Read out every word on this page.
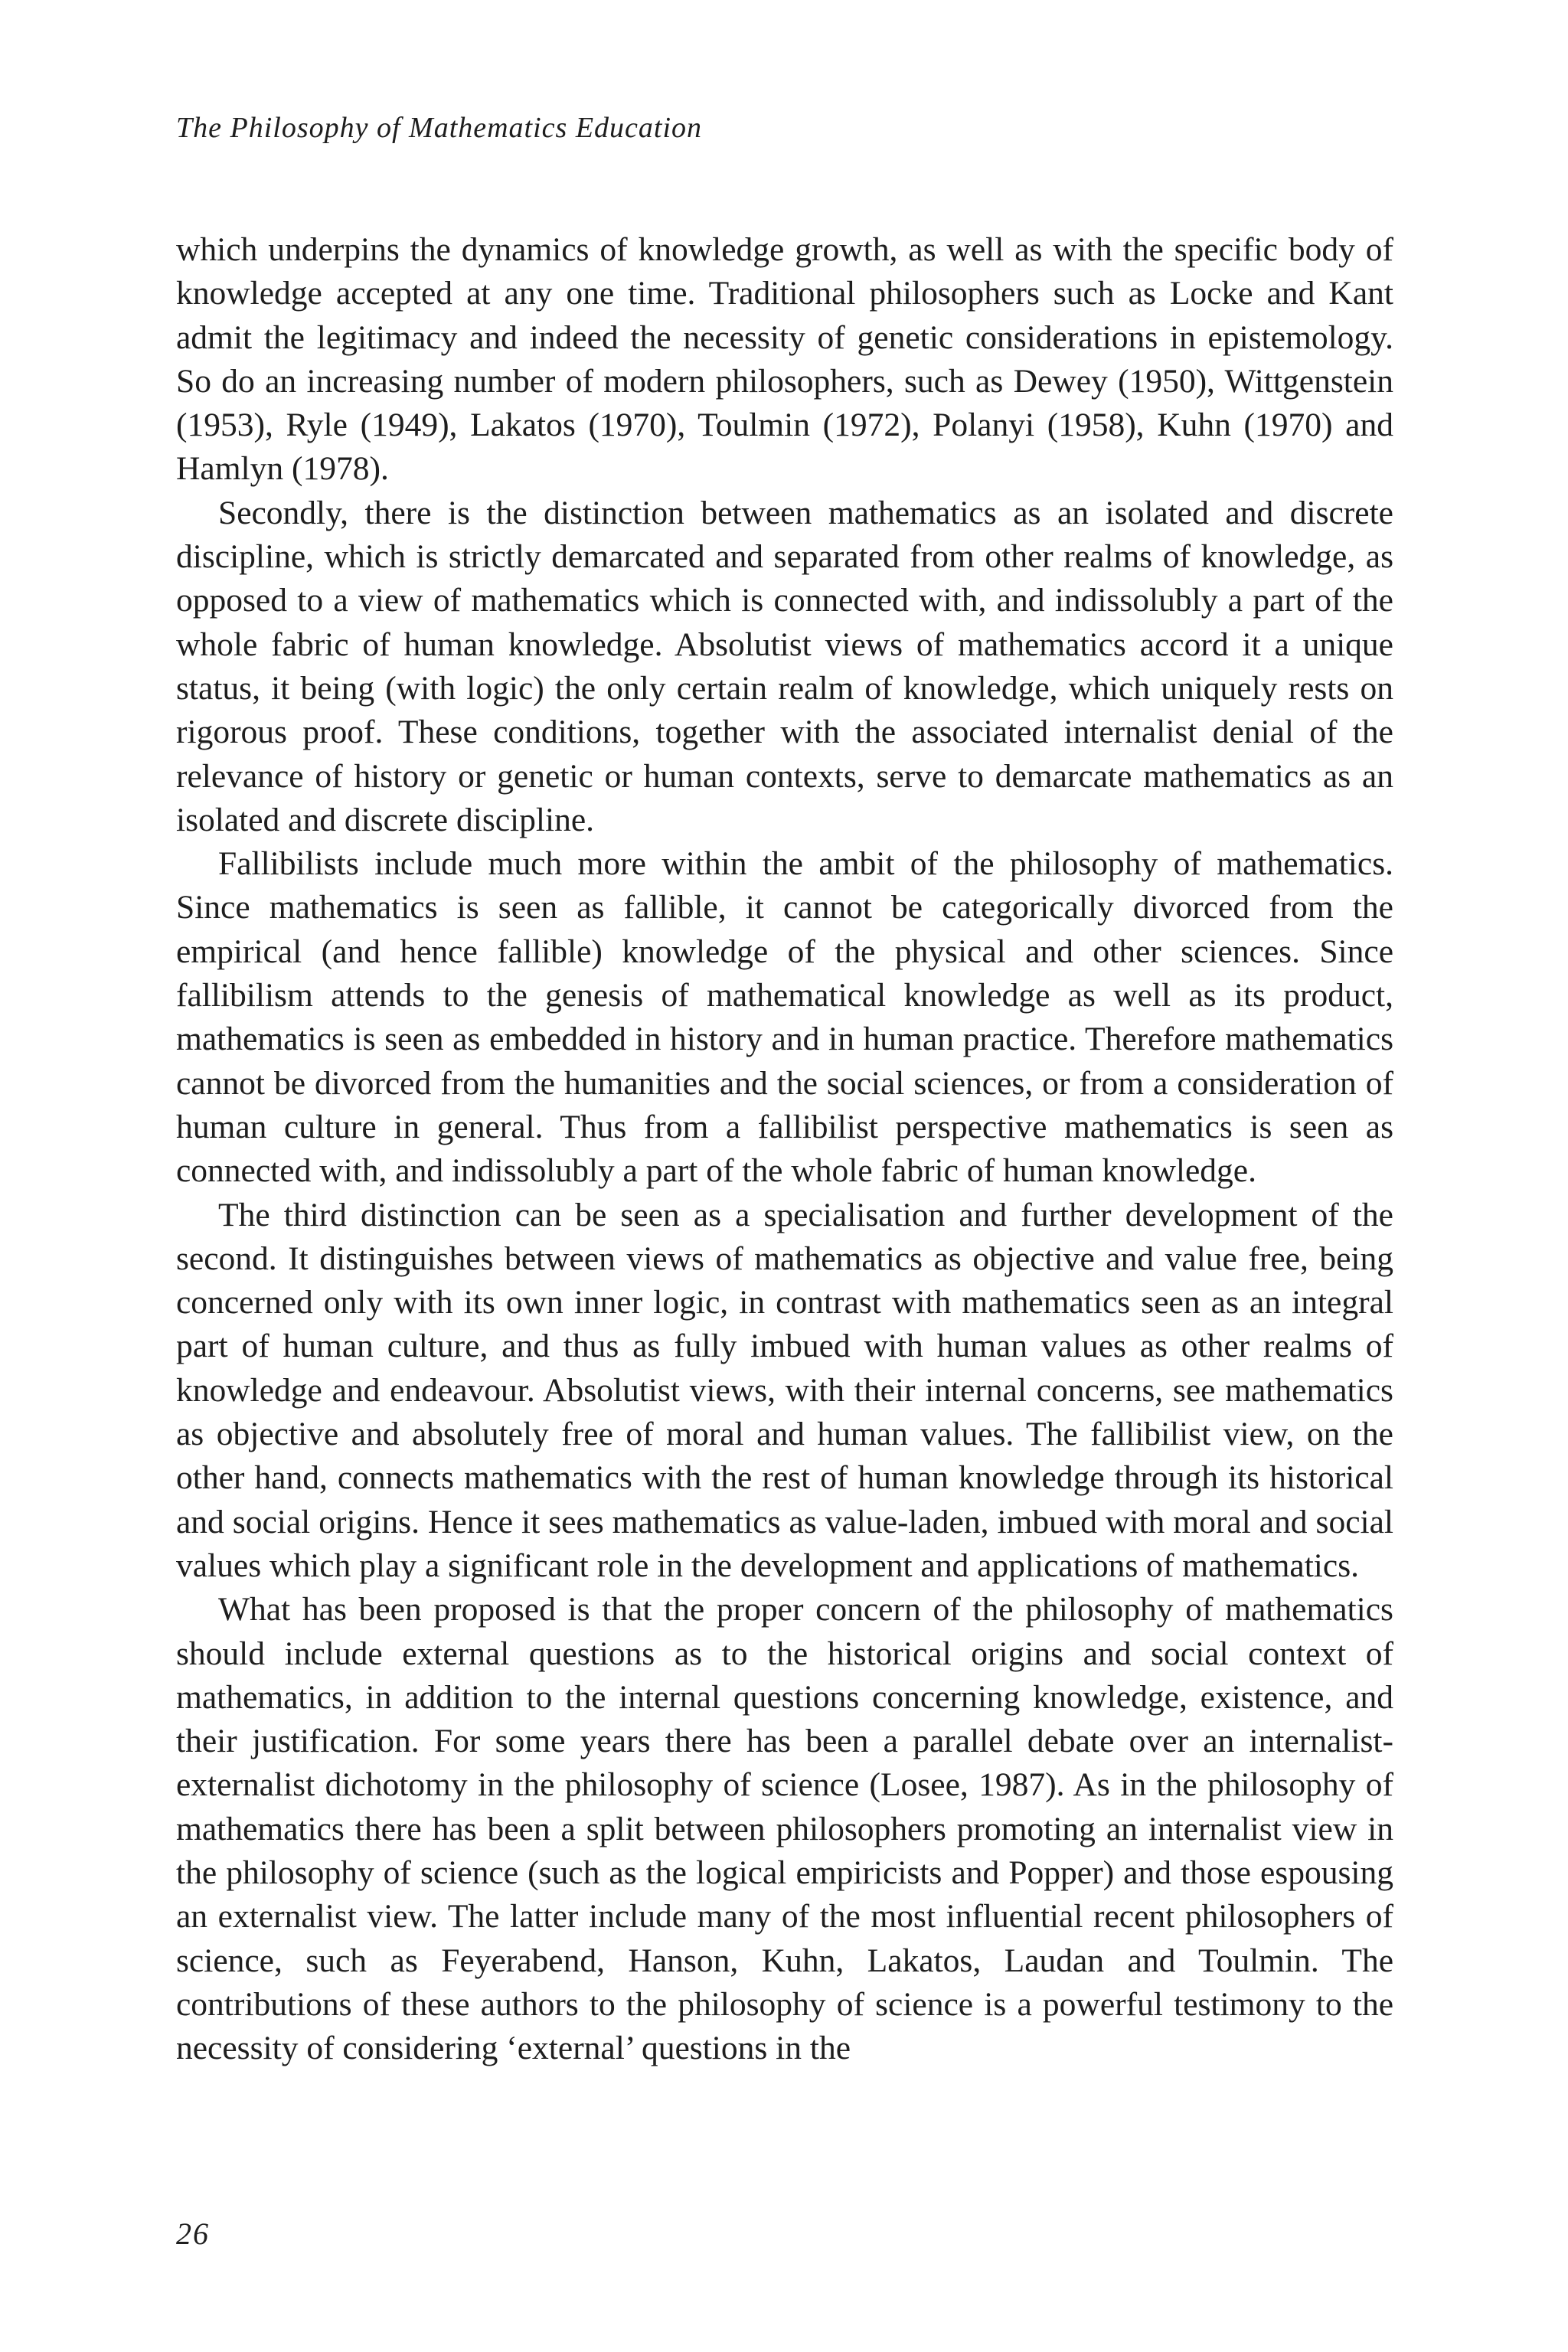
The Philosophy of Mathematics Education

which underpins the dynamics of knowledge growth, as well as with the specific body of knowledge accepted at any one time. Traditional philosophers such as Locke and Kant admit the legitimacy and indeed the necessity of genetic considerations in epistemology. So do an increasing number of modern philosophers, such as Dewey (1950), Wittgenstein (1953), Ryle (1949), Lakatos (1970), Toulmin (1972), Polanyi (1958), Kuhn (1970) and Hamlyn (1978).

Secondly, there is the distinction between mathematics as an isolated and discrete discipline, which is strictly demarcated and separated from other realms of knowledge, as opposed to a view of mathematics which is connected with, and indissolubly a part of the whole fabric of human knowledge. Absolutist views of mathematics accord it a unique status, it being (with logic) the only certain realm of knowledge, which uniquely rests on rigorous proof. These conditions, together with the associated internalist denial of the relevance of history or genetic or human contexts, serve to demarcate mathematics as an isolated and discrete discipline.

Fallibilists include much more within the ambit of the philosophy of mathematics. Since mathematics is seen as fallible, it cannot be categorically divorced from the empirical (and hence fallible) knowledge of the physical and other sciences. Since fallibilism attends to the genesis of mathematical knowledge as well as its product, mathematics is seen as embedded in history and in human practice. Therefore mathematics cannot be divorced from the humanities and the social sciences, or from a consideration of human culture in general. Thus from a fallibilist perspective mathematics is seen as connected with, and indissolubly a part of the whole fabric of human knowledge.

The third distinction can be seen as a specialisation and further development of the second. It distinguishes between views of mathematics as objective and value free, being concerned only with its own inner logic, in contrast with mathematics seen as an integral part of human culture, and thus as fully imbued with human values as other realms of knowledge and endeavour. Absolutist views, with their internal concerns, see mathematics as objective and absolutely free of moral and human values. The fallibilist view, on the other hand, connects mathematics with the rest of human knowledge through its historical and social origins. Hence it sees mathematics as value-laden, imbued with moral and social values which play a significant role in the development and applications of mathematics.

What has been proposed is that the proper concern of the philosophy of mathematics should include external questions as to the historical origins and social context of mathematics, in addition to the internal questions concerning knowledge, existence, and their justification. For some years there has been a parallel debate over an internalist-externalist dichotomy in the philosophy of science (Losee, 1987). As in the philosophy of mathematics there has been a split between philosophers promoting an internalist view in the philosophy of science (such as the logical empiricists and Popper) and those espousing an externalist view. The latter include many of the most influential recent philosophers of science, such as Feyerabend, Hanson, Kuhn, Lakatos, Laudan and Toulmin. The contributions of these authors to the philosophy of science is a powerful testimony to the necessity of considering ‘external’ questions in the

26
